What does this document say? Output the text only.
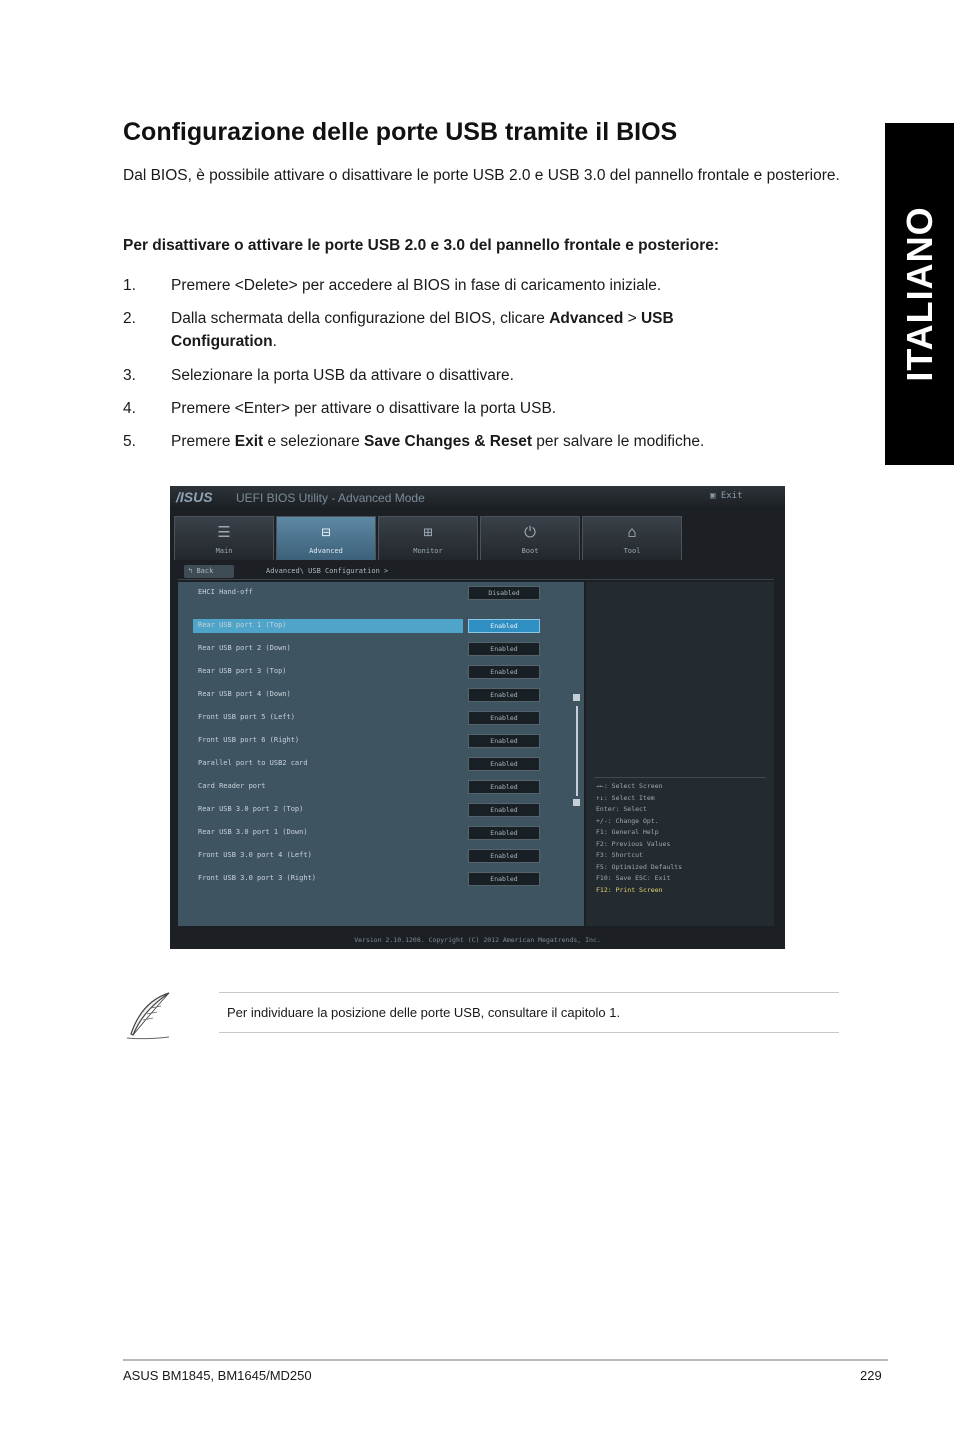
ITALIANO
Configurazione delle porte USB tramite il BIOS

Dal BIOS, è possibile attivare o disattivare le porte USB 2.0 e USB 3.0 del pannello frontale e posteriore.

Per disattivare o attivare le porte USB 2.0 e 3.0 del pannello frontale e posteriore:

1. Premere <Delete> per accedere al BIOS in fase di caricamento iniziale.
2. Dalla schermata della configurazione del BIOS, clicare Advanced > USB Configuration.
3. Selezionare la porta USB da attivare o disattivare.
4. Premere <Enter> per attivare o disattivare la porta USB.
5. Premere Exit e selezionare Save Changes & Reset per salvare le modifiche.
/ISUS UEFI BIOS Utility - Advanced Mode	▣ Exit
☰
Main
⊟
Advanced
⊞
Monitor
⏻
Boot
⌂
Tool
↰ Back	Advanced\ USB Configuration >
EHCI Hand-off	Disabled
Rear USB port 1 (Top)	Enabled
Rear USB port 2 (Down)	Enabled
Rear USB port 3 (Top)	Enabled
Rear USB port 4 (Down)	Enabled
Front USB port 5 (Left)	Enabled
Front USB port 6 (Right)	Enabled
Parallel port to USB2 card	Enabled
Card Reader port	Enabled
Rear USB 3.0 port 2 (Top)	Enabled
Rear USB 3.0 port 1 (Down)	Enabled
Front USB 3.0 port 4 (Left)	Enabled
Front USB 3.0 port 3 (Right)	Enabled
→←: Select Screen
↑↓: Select Item
Enter: Select
+/-: Change Opt.
F1: General Help
F2: Previous Values
F3: Shortcut
F5: Optimized Defaults
F10: Save ESC: Exit
F12: Print Screen
Version 2.10.1208. Copyright (C) 2012 American Megatrends, Inc.

Per individuare la posizione delle porte USB, consultare il capitolo 1.

ASUS BM1845, BM1645/MD250	229
